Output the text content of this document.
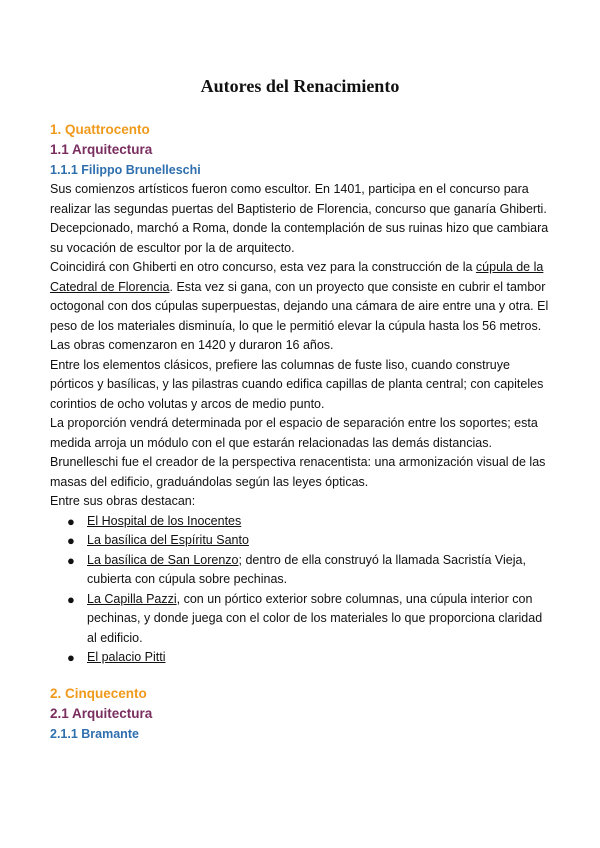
Autores del Renacimiento
1. Quattrocento
1.1 Arquitectura
1.1.1 Filippo Brunelleschi

Sus comienzos artísticos fueron como escultor. En 1401, participa en el concurso para realizar las segundas puertas del Baptisterio de Florencia, concurso que ganaría Ghiberti. Decepcionado, marchó a Roma, donde la contemplación de sus ruinas hizo que cambiara su vocación de escultor por la de arquitecto.

Coincidirá con Ghiberti en otro concurso, esta vez para la construcción de la cúpula de la Catedral de Florencia. Esta vez si gana, con un proyecto que consiste en cubrir el tambor octogonal con dos cúpulas superpuestas, dejando una cámara de aire entre una y otra. El peso de los materiales disminuía, lo que le permitió elevar la cúpula hasta los 56 metros. Las obras comenzaron en 1420 y duraron 16 años.

Entre los elementos clásicos, prefiere las columnas de fuste liso, cuando construye pórticos y basílicas, y las pilastras cuando edifica capillas de planta central; con capiteles corintios de ocho volutas y arcos de medio punto.

La proporción vendrá determinada por el espacio de separación entre los soportes; esta medida arroja un módulo con el que estarán relacionadas las demás distancias.

Brunelleschi fue el creador de la perspectiva renacentista: una armonización visual de las masas del edificio, graduándolas según las leyes ópticas.

Entre sus obras destacan:

● El Hospital de los Inocentes
● La basílica del Espíritu Santo
● La basílica de San Lorenzo; dentro de ella construyó la llamada Sacristía Vieja, cubierta con cúpula sobre pechinas.
● La Capilla Pazzi, con un pórtico exterior sobre columnas, una cúpula interior con pechinas, y donde juega con el color de los materiales lo que proporciona claridad al edificio.
● El palacio Pitti
2. Cinquecento
2.1 Arquitectura
2.1.1 Bramante
